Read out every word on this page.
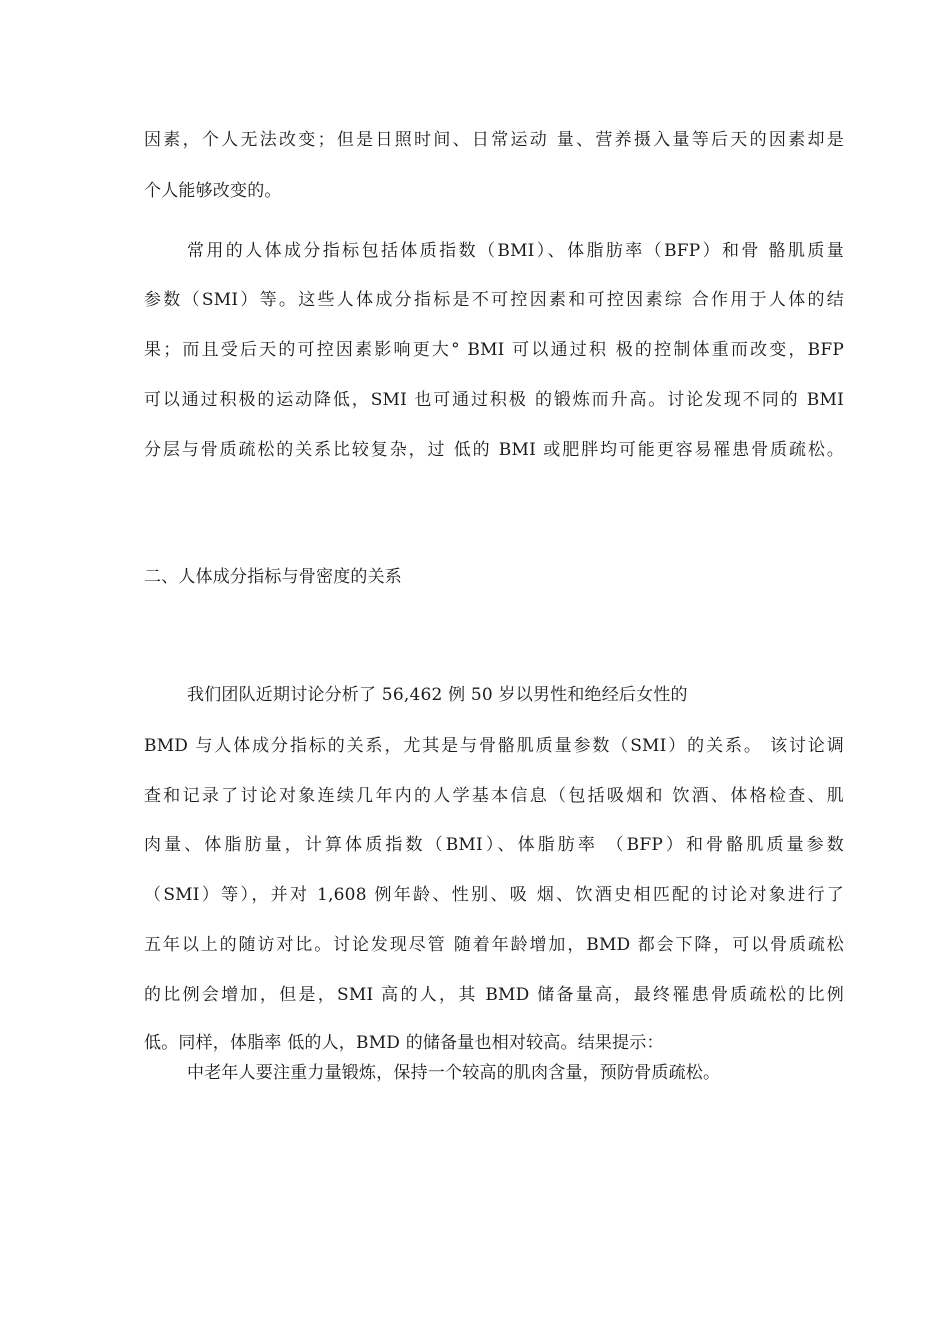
因素，个人无法改变；但是日照时间、日常运动 量、营养摄入量等后天的因素却是
个人能够改变的。
常用的人体成分指标包括体质指数（BMI）、体脂肪率（BFP）和骨 骼肌质量
参数（SMI）等。这些人体成分指标是不可控因素和可控因素综 合作用于人体的结
果；而且受后天的可控因素影响更大° BMI 可以通过积 极的控制体重而改变，BFP
可以通过积极的运动降低，SMI 也可通过积极 的锻炼而升高。讨论发现不同的 BMI
分层与骨质疏松的关系比较复杂，过 低的 BMI 或肥胖均可能更容易罹患骨质疏松。
二、人体成分指标与骨密度的关系
我们团队近期讨论分析了 56,462 例 50 岁以男性和绝经后女性的
BMD 与人体成分指标的关系，尤其是与骨骼肌质量参数（SMI）的关系。 该讨论调
查和记录了讨论对象连续几年内的人学基本信息（包括吸烟和 饮酒、体格检查、肌
肉量、体脂肪量，计算体质指数（BMI）、体脂肪率 （BFP）和骨骼肌质量参数
（SMI）等），并对 1,608 例年龄、性别、吸 烟、饮酒史相匹配的讨论对象进行了
五年以上的随访对比。讨论发现尽管 随着年龄增加，BMD 都会下降，可以骨质疏松
的比例会增加，但是，SMI 高的人，其 BMD 储备量高，最终罹患骨质疏松的比例
低。同样，体脂率 低的人，BMD 的储备量也相对较高。结果提示：
中老年人要注重力量锻炼，保持一个较高的肌肉含量，预防骨质疏松。
